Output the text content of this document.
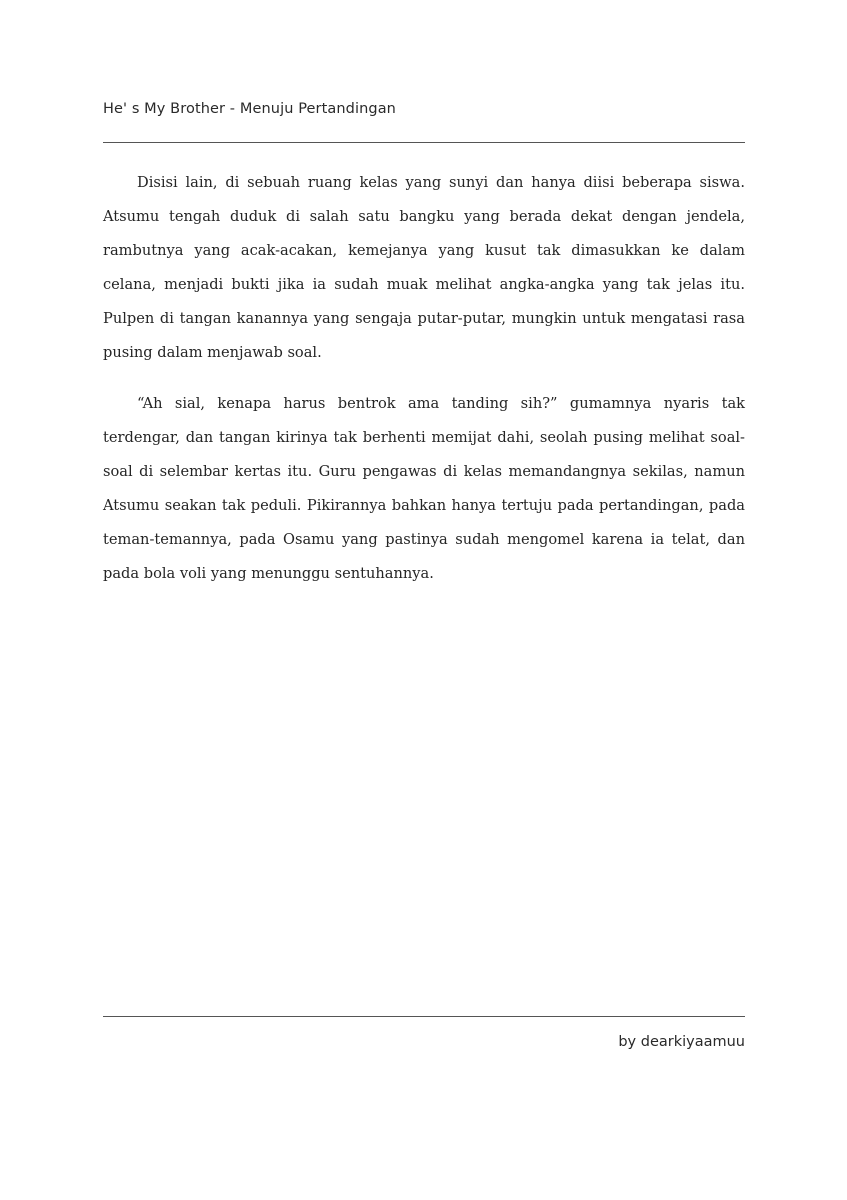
He' s My Brother - Menuju Pertandingan

Disisi lain, di sebuah ruang kelas yang sunyi dan hanya diisi beberapa siswa. Atsumu tengah duduk di salah satu bangku yang berada dekat dengan jendela, rambutnya yang acak-acakan, kemejanya yang kusut tak dimasukkan ke dalam celana, menjadi bukti jika ia sudah muak melihat angka-angka yang tak jelas itu. Pulpen di tangan kanannya yang sengaja putar-putar, mungkin untuk mengatasi rasa pusing dalam menjawab soal.

“Ah sial, kenapa harus bentrok ama tanding sih?” gumamnya nyaris tak terdengar, dan tangan kirinya tak berhenti memijat dahi, seolah pusing melihat soal-soal di selembar kertas itu. Guru pengawas di kelas memandangnya sekilas, namun Atsumu seakan tak peduli. Pikirannya bahkan hanya tertuju pada pertandingan, pada teman-temannya, pada Osamu yang pastinya sudah mengomel karena ia telat, dan pada bola voli yang menunggu sentuhannya.

by dearkiyaamuu
